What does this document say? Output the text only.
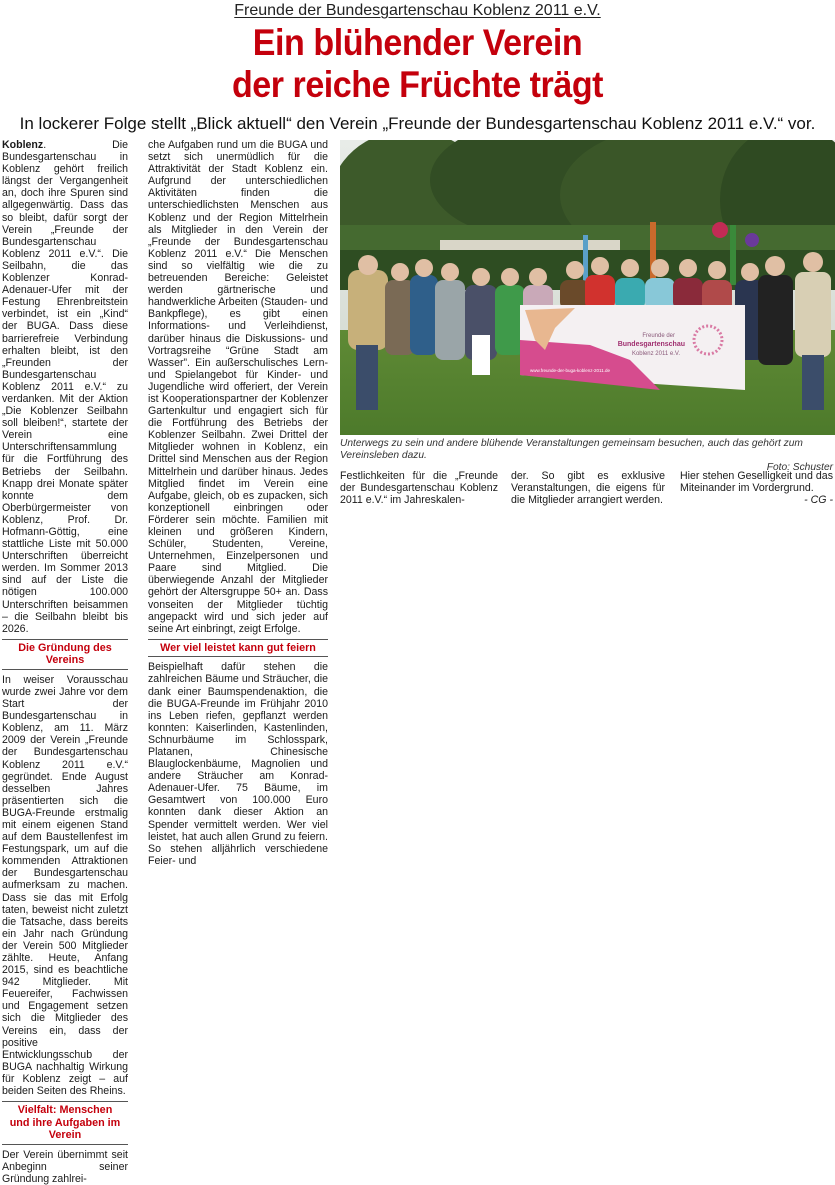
Freunde der Bundesgartenschau Koblenz 2011 e.V.
Ein blühender Verein
der reiche Früchte trägt
In lockerer Folge stellt „Blick aktuell“ den Verein „Freunde der Bundesgartenschau Koblenz 2011 e.V.“ vor.

Koblenz. Die Bundesgartenschau in Koblenz gehört freilich längst der Vergangenheit an, doch ihre Spuren sind allgegenwärtig. Dass das so bleibt, dafür sorgt der Verein „Freunde der Bundesgartenschau Koblenz 2011 e.V.“. Die Seilbahn, die das Koblenzer Konrad-Adenauer-Ufer mit der Festung Ehrenbreitstein verbindet, ist ein „Kind“ der BUGA. Dass diese barrierefreie Verbindung erhalten bleibt, ist den „Freunden der Bundesgartenschau Koblenz 2011 e.V.“ zu verdanken. Mit der Aktion „Die Koblenzer Seilbahn soll bleiben!“, startete der Verein eine Unterschriftensammlung für die Fortführung des Betriebs der Seilbahn. Knapp drei Monate später konnte dem Oberbürgermeister von Koblenz, Prof. Dr. Hofmann-Göttig, eine stattliche Liste mit 50.000 Unterschriften überreicht werden. Im Sommer 2013 sind auf der Liste die nötigen 100.000 Unterschriften beisammen – die Seilbahn bleibt bis 2026.

Die Gründung des Vereins

In weiser Vorausschau wurde zwei Jahre vor dem Start der Bundesgartenschau in Koblenz, am 11. März 2009 der Verein „Freunde der Bundesgartenschau Koblenz 2011 e.V.“ gegründet. Ende August desselben Jahres präsentierten sich die BUGA-Freunde erstmalig mit einem eigenen Stand auf dem Baustellenfest im Festungspark, um auf die kommenden Attraktionen der Bundesgartenschau aufmerksam zu machen. Dass sie das mit Erfolg taten, beweist nicht zuletzt die Tatsache, dass bereits ein Jahr nach Gründung der Verein 500 Mitglieder zählte. Heute, Anfang 2015, sind es beachtliche 942 Mitglieder. Mit Feuereifer, Fachwissen und Engagement setzen sich die Mitglieder des Vereins ein, dass der positive Entwicklungsschub der BUGA nachhaltig Wirkung für Koblenz zeigt – auf beiden Seiten des Rheins.

Vielfalt: Menschen
und ihre Aufgaben im Verein

Der Verein übernimmt seit Anbeginn seiner Gründung zahlrei-

che Aufgaben rund um die BUGA und setzt sich unermüdlich für die Attraktivität der Stadt Koblenz ein. Aufgrund der unterschiedlichen Aktivitäten finden die unterschiedlichsten Menschen aus Koblenz und der Region Mittelrhein als Mitglieder in den Verein der „Freunde der Bundesgartenschau Koblenz 2011 e.V.“ Die Menschen sind so vielfältig wie die zu betreuenden Bereiche: Geleistet werden gärtnerische und handwerkliche Arbeiten (Stauden- und Bankpflege), es gibt einen Informations- und Verleihdienst, darüber hinaus die Diskussions- und Vortragsreihe “Grüne Stadt am Wasser”. Ein außerschulisches Lern- und Spielangebot für Kinder- und Jugendliche wird offeriert, der Verein ist Kooperationspartner der Koblenzer Gartenkultur und engagiert sich für die Fortführung des Betriebs der Koblenzer Seilbahn. Zwei Drittel der Mitglieder wohnen in Koblenz, ein Drittel sind Menschen aus der Region Mittelrhein und darüber hinaus. Jedes Mitglied findet im Verein eine Aufgabe, gleich, ob es zupacken, sich konzeptionell einbringen oder Förderer sein möchte. Familien mit kleinen und größeren Kindern, Schüler, Studenten, Vereine, Unternehmen, Einzelpersonen und Paare sind Mitglied. Die überwiegende Anzahl der Mitglieder gehört der Altersgruppe 50+ an. Dass vonseiten der Mitglieder tüchtig angepackt wird und sich jeder auf seine Art einbringt, zeigt Erfolge.

Wer viel leistet kann gut feiern

Beispielhaft dafür stehen die zahlreichen Bäume und Sträucher, die dank einer Baumspendenaktion, die die BUGA-Freunde im Frühjahr 2010 ins Leben riefen, gepflanzt werden konnten: Kaiserlinden, Kastenlinden, Schnurbäume im Schlosspark, Platanen, Chinesische Blauglockenbäume, Magnolien und andere Sträucher am Konrad-Adenauer-Ufer. 75 Bäume, im Gesamtwert von 100.000 Euro konnten dank dieser Aktion an Spender vermittelt werden. Wer viel leistet, hat auch allen Grund zu feiern. So stehen alljährlich verschiedene Feier- und

Freunde der
Bundesgartenschau
Koblenz 2011 e.V.
www.freunde-der-buga-koblenz-2011.de
Unterwegs zu sein und andere blühende Veranstaltungen gemeinsam besuchen, auch das gehört zum Vereinsleben dazu.
Foto: Schuster

Festlichkeiten für die „Freunde der Bundesgartenschau Koblenz 2011 e.V.“ im Jahreskalen-

der. So gibt es exklusive Veranstaltungen, die eigens für die Mitglieder arrangiert werden.

Hier stehen Geselligkeit und das Miteinander im Vordergrund.

- CG -
